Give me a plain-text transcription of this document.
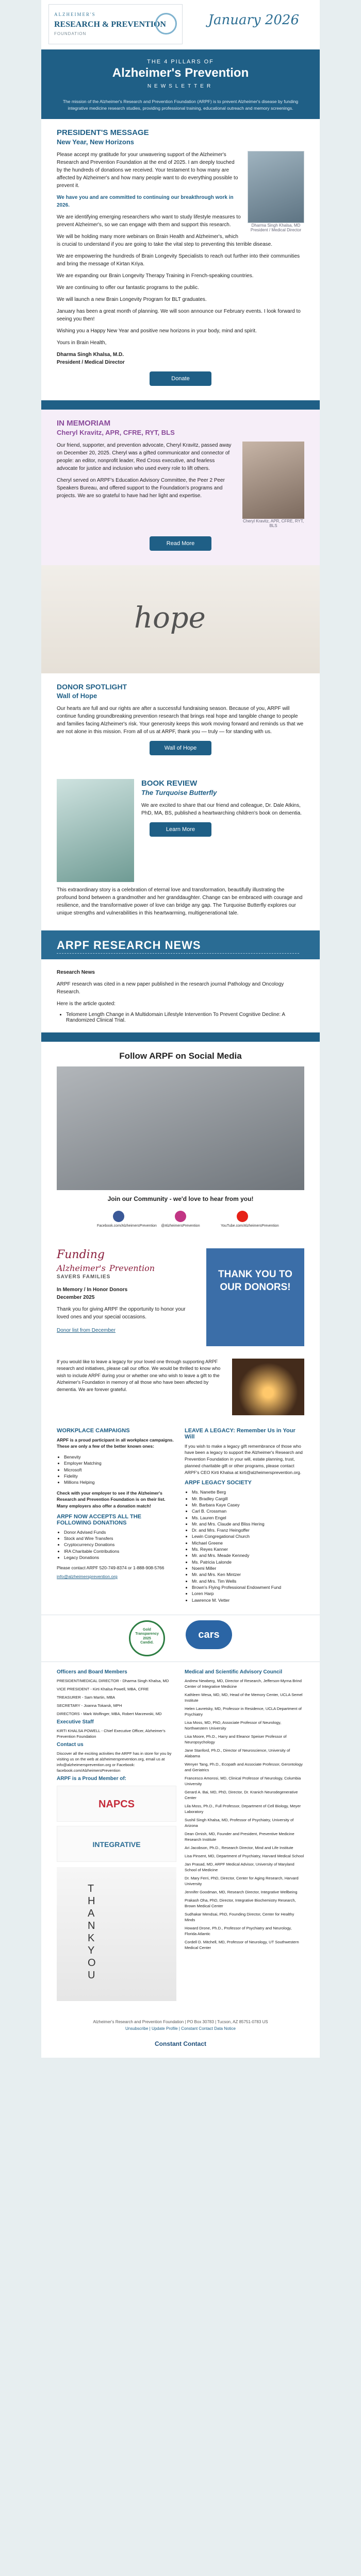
ALZHEIMER'S
RESEARCH & PREVENTION
FOUNDATION
January 2026
THE 4 PILLARS OF
Alzheimer's Prevention
NEWSLETTER
The mission of the Alzheimer's Research and Prevention Foundation (ARPF) is to prevent Alzheimer's disease by funding integrative medicine research studies, providing professional training, educational outreach and memory screenings.
PRESIDENT'S MESSAGE
New Year, New Horizons
Dharma Singh Khalsa, MD President / Medical Director

Please accept my gratitude for your unwavering support of the Alzheimer's Research and Prevention Foundation at the end of 2025. I am deeply touched by the hundreds of donations we received. Your testament to how many are affected by Alzheimer's and how many people want to do everything possible to prevent it.

We have you and are committed to continuing our breakthrough work in 2026.

We are identifying emerging researchers who want to study lifestyle measures to prevent Alzheimer's, so we can engage with them and support this research.

We will be holding many more webinars on Brain Health and Alzheimer's, which is crucial to understand if you are going to take the vital step to preventing this terrible disease.

We are empowering the hundreds of Brain Longevity Specialists to reach out further into their communities and bring the message of Kirtan Kriya.

We are expanding our Brain Longevity Therapy Training in French-speaking countries.

We are continuing to offer our fantastic programs to the public.

We will launch a new Brain Longevity Program for BLT graduates.

January has been a great month of planning. We will soon announce our February events. I look forward to seeing you then!

Wishing you a Happy New Year and positive new horizons in your body, mind and spirit.

Yours in Brain Health,

Dharma Singh Khalsa, M.D.

President / Medical Director

Donate
IN MEMORIAM
Cheryl Kravitz, APR, CFRE, RYT, BLS
Cheryl Kravitz, APR, CFRE, RYT, BLS

Our friend, supporter, and prevention advocate, Cheryl Kravitz, passed away on December 20, 2025. Cheryl was a gifted communicator and connector of people: an editor, nonprofit leader, Red Cross executive, and fearless advocate for justice and inclusion who used every role to lift others.

Cheryl served on ARPF's Education Advisory Committee, the Peer 2 Peer Speakers Bureau, and offered support to the Foundation's programs and projects. We are so grateful to have had her light and expertise.

Read More
hope
DONOR SPOTLIGHT
Wall of Hope

Our hearts are full and our rights are after a successful fundraising season. Because of you, ARPF will continue funding groundbreaking prevention research that brings real hope and tangible change to people and families facing Alzheimer's risk. Your generosity keeps this work moving forward and reminds us that we are not alone in this mission. From all of us at ARPF, thank you — truly — for standing with us.

Wall of Hope
BOOK REVIEW
The Turquoise Butterfly

We are excited to share that our friend and colleague, Dr. Dale Atkins, PhD, MA, BS, published a heartwarching children's book on dementia.

Learn More

This extraordinary story is a celebration of eternal love and transformation, beautifully illustrating the profound bond between a grandmother and her granddaughter. Change can be embraced with courage and resilience, and the transformative power of love can bridge any gap. The Turquoise Butterfly explores our unique strengths and vulnerabilities in this heartwarming, multigenerational tale.

ARPF RESEARCH NEWS

Research News

ARPF research was cited in a new paper published in the research journal Pathology and Oncology Research.

Here is the article quoted:

• Telomere Length Change in A Multidomain Lifestyle Intervention To Prevent Cognitive Decline: A Randomized Clinical Trial.
Follow ARPF on Social Media
Join our Community - we'd love to hear from you!
Facebook.com/AlzheimersPrevention	@AlzheimersPrevention	YouTube.com/AlzheimersPrevention
Funding
Alzheimer's Prevention
SAVERS FAMILIES

In Memory / In Honor Donors

December 2025

Thank you for giving ARPF the opportunity to honor your loved ones and your special occasions.

Donor list from December
THANK YOU TO OUR DONORS!

If you would like to leave a legacy for your loved one through supporting ARPF research and initiatives, please call our office. We would be thrilled to know who wish to include ARPF during your or whether one who wish to leave a gift to the Alzheimer's Foundation in memory of all those who have been affected by dementia. We are forever grateful.

WORKPLACE CAMPAIGNS

ARPF is a proud participant in all workplace campaigns. These are only a few of the better known ones:

• Benevity
• Employer Matching
• Microsoft
• Fidelity
• Millions Helping

Check with your employer to see if the Alzheimer's Research and Prevention Foundation is on their list. Many employers also offer a donation match!

ARPF NOW ACCEPTS ALL THE FOLLOWING DONATIONS
• Donor Advised Funds
• Stock and Wire Transfers
• Cryptocurrency Donations
• IRA Charitable Contributions
• Legacy Donations

Please contact ARPF 520-749-8374 or 1-888-908-5766

info@alzheimersprevention.org
LEAVE A LEGACY: Remember Us in Your Will

If you wish to make a legacy gift remembrance of those who have been a legacy to support the Alzheimer's Research and Prevention Foundation in your will, estate planning, trust, planned charitable gift or other programs, please contact ARPF's CEO Kirti Khalsa at kirti@alzheimersprevention.org.

ARPF LEGACY SOCIETY
• Ms. Nanette Berg
• Mr. Bradley Cargill
• Mr. Barbara Kaye Casey
• Carl B. Crossman
• Ms. Lauren Engel
• Mr. and Mrs. Claude and Bliss Hering
• Dr. and Mrs. Franz Heingoffer
• Lewin Congregational Church
• Michael Greene
• Ms. Reyes Kanner
• Mr. and Mrs. Meade Kennedy
• Ms. Patricia Lalonde
• Noemi Miller
• Mr. and Mrs. Ken Mintzer
• Mr. and Mrs. Tim Wells
• Brown's Flying Professional Endowment Fund
• Loren Harp
• Lawrence M. Vetter
Gold
Transparency
2025
Candid.
cars
Officers and Board Members

PRESIDENT/MEDICAL DIRECTOR - Dharma Singh Khalsa, MD

VICE PRESIDENT - Kirti Khalsa Powell, MBA, CFRE

TREASURER - Sam Martin, MBA

SECRETARY - Joanna Tokarsk, MPH

DIRECTORS - Mark Wolfinger, MBA, Robert Marzewski, MD

Executive Staff

KIRTI KHALSA POWELL - Chief Executive Officer, Alzheimer's Prevention Foundation

Contact us

Discover all the exciting activities the ARPF has in store for you by visiting us on the web at alzheimersprevention.org, email us at info@alzheimersprevention.org or Facebook: facebook.com/AlzheimersPrevention

ARPF is a Proud Member of:
NAPCS
INTEGRATIVE
THANKYOU
Medical and Scientific Advisory Council

Andrew Newberg, MD, Director of Research, Jefferson-Myrna Brind Center of Integrative Medicine

Kathleen Wesa, MD, MD, Head of the Memory Center, UCLA Semel Institute

Helen Lavretsky, MD, Professor in Residence, UCLA Department of Psychiatry

Lisa Moss, MD, PhD, Associate Professor of Neurology, Northwestern University

Lisa Moore, Ph.D., Harry and Eleanor Speiser Professor of Neuropsychology

Jane Stanford, Ph.D., Director of Neuroscience, University of Alabama

Wenyer Tang, Ph.D., Ecopath and Associate Professor, Gerontology and Geriatrics

Francesco Amorosi, MD, Clinical Professor of Neurology, Columbia University

Gerard A. Bai, MD, PhD, Director, Dr. Kranich Neurodegenerative Center

Lila Moss, Ph.D., Full Professor, Department of Cell Biology, Meyer Laboratory

Sushil Singh Khalsa, MD, Professor of Psychiatry, University of Arizona

Dean Ornish, MD, Founder and President, Preventive Medicine Research Institute

Ari Jacobson, Ph.D., Research Director, Mind and Life Institute

Lisa Pinsent, MD, Department of Psychiatry, Harvard Medical School

Jan Prasad, MD, ARPF Medical Advisor, University of Maryland School of Medicine

Dr. Mary Ferri, PhD, Director, Center for Aging Research, Harvard University

Jennifer Goodman, MD, Research Director, Integrative Wellbeing

Prakash Oha, PhD, Director, Integrative Biochemistry Research, Brown Medical Center

Sudhakar Mendsai, PhD, Founding Director, Center for Healthy Minds

Howard Drone, Ph.D., Professor of Psychiatry and Neurology, Florida Atlantic

Cordell D. Mitchell, MD, Professor of Neurology, UT Southwestern Medical Center

Alzheimer's Research and Prevention Foundation | PO Box 30783 | Tucson, AZ 85751-0783 US
Unsubscribe | Update Profile | Constant Contact Data Notice
Constant Contact
